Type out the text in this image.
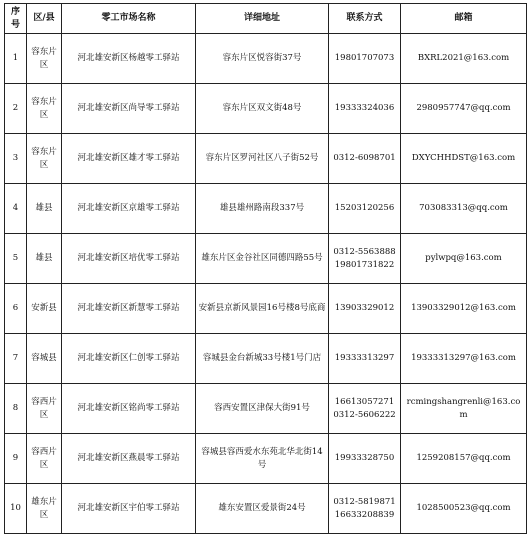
序号	区/县	零工市场名称	详细地址	联系方式	邮箱
1	容东片区	河北雄安新区杨越零工驿站	容东片区悦容街37号	19801707073	BXRL2021@163.com
2	容东片区	河北雄安新区尚导零工驿站	容东片区双文街48号	19333324036	2980957747@qq.com
3	容东片区	河北雄安新区雄才零工驿站	容东片区罗河社区八子街52号	0312-6098701	DXYCHHDST@163.com
4	雄县	河北雄安新区京雄零工驿站	雄县雄州路南段337号	15203120256	703083313@qq.com
5	雄县	河北雄安新区培优零工驿站	雄东片区金谷社区同德四路55号	0312-5563888 19801731822	pylwpq@163.com
6	安新县	河北雄安新区新慧零工驿站	安新县京新风景园16号楼8号底商	13903329012	13903329012@163.com
7	容城县	河北雄安新区仁创零工驿站	容城县金台新城33号楼1号门店	19333313297	19333313297@163.com
8	容西片区	河北雄安新区铭尚零工驿站	容西安置区津保大街91号	16613057271 0312-5606222	rcmingshangrenli@163.com
9	容西片区	河北雄安新区燕晨零工驿站	容城县容西爱水东苑北华北街14号	19933328750	1259208157@qq.com
10	雄东片区	河北雄安新区宇伯零工驿站	雄东安置区爱景街24号	0312-5819871 16633208839	1028500523@qq.com
